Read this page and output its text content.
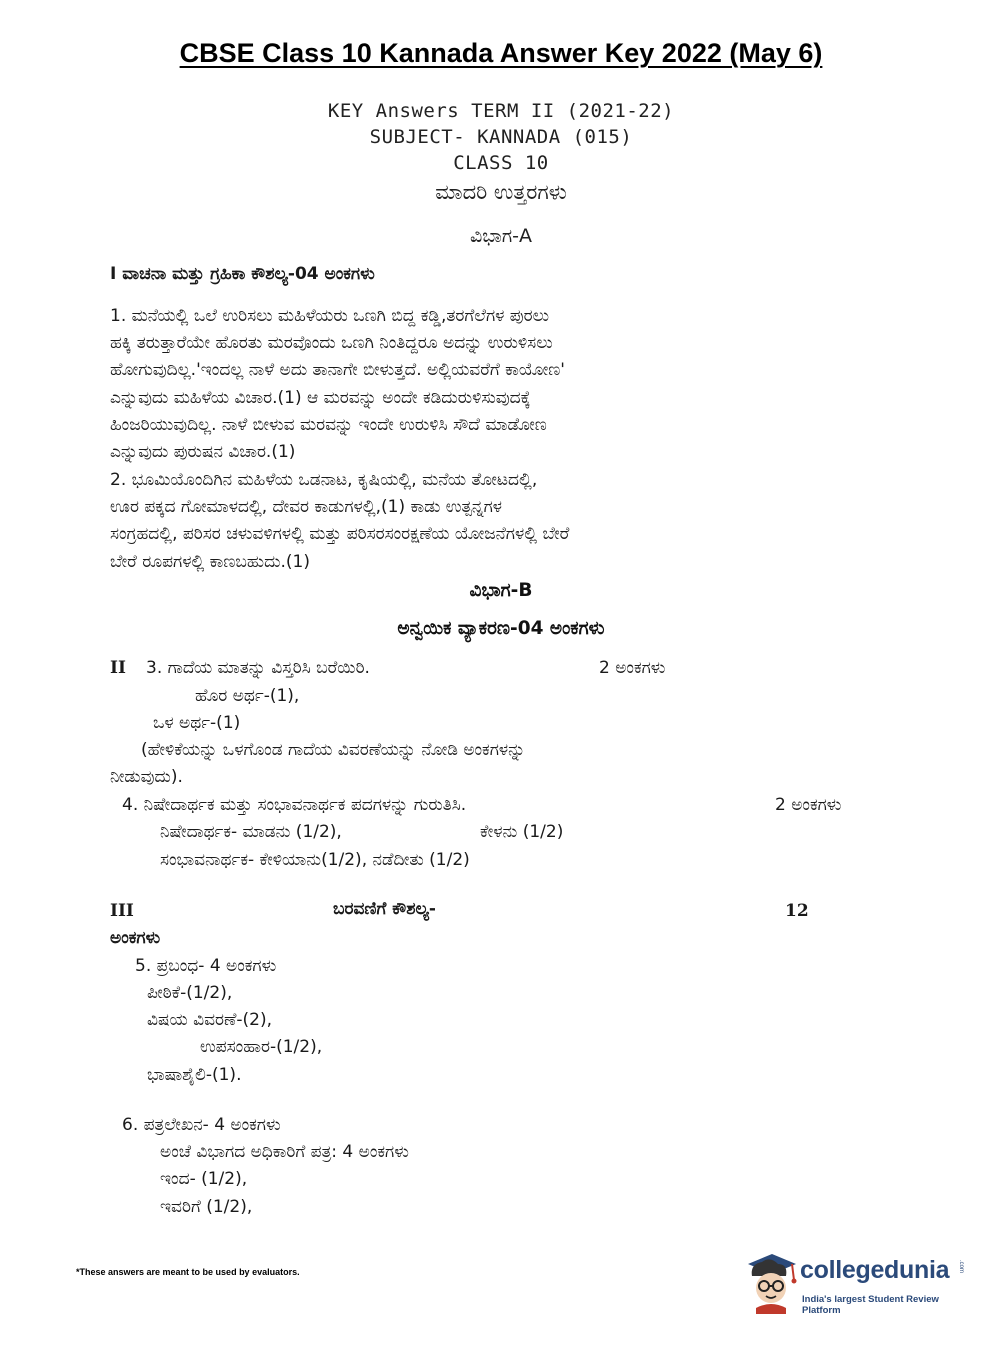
CBSE Class 10 Kannada Answer Key 2022 (May 6)
KEY Answers TERM II (2021-22)
SUBJECT- KANNADA (015)
CLASS 10
ಮಾದರಿ ಉತ್ತರಗಳು
ವಿಭಾಗ-A
I ವಾಚನಾ ಮತ್ತು ಗ್ರಹಿಕಾ ಕೌಶಲ್ಯ-04 ಅಂಕಗಳು
1. ಮನೆಯಲ್ಲಿ ಒಲೆ ಉರಿಸಲು ಮಹಿಳೆಯರು ಒಣಗಿ ಬಿದ್ದ ಕಡ್ಡಿ,ತರಗೆಲೆಗಳ ಪುರಲು
ಹಕ್ಕಿ ತರುತ್ತಾರೆಯೇ ಹೊರತು ಮರವೊಂದು ಒಣಗಿ ನಿಂತಿದ್ದರೂ ಅದನ್ನು ಉರುಳಿಸಲು
ಹೋಗುವುದಿಲ್ಲ.'ಇಂದಲ್ಲ ನಾಳೆ ಅದು ತಾನಾಗೇ ಬೀಳುತ್ತದೆ. ಅಲ್ಲಿಯವರೆಗೆ ಕಾಯೋಣ'
ಎನ್ನುವುದು ಮಹಿಳೆಯ ವಿಚಾರ.(1) ಆ ಮರವನ್ನು ಅಂದೇ ಕಡಿದುರುಳಿಸುವುದಕ್ಕೆ
ಹಿಂಜರಿಯುವುದಿಲ್ಲ. ನಾಳೆ ಬೀಳುವ ಮರವನ್ನು ಇಂದೇ ಉರುಳಿಸಿ ಸೌದೆ ಮಾಡೋಣ
ಎನ್ನುವುದು ಪುರುಷನ ವಿಚಾರ.(1)
2. ಭೂಮಿಯೊಂದಿಗಿನ ಮಹಿಳೆಯ ಒಡನಾಟ, ಕೃಷಿಯಲ್ಲಿ, ಮನೆಯ ತೋಟದಲ್ಲಿ,
ಊರ ಪಕ್ಕದ ಗೋಮಾಳದಲ್ಲಿ, ದೇವರ ಕಾಡುಗಳಲ್ಲಿ,(1) ಕಾಡು ಉತ್ಪನ್ನಗಳ
ಸಂಗ್ರಹದಲ್ಲಿ, ಪರಿಸರ ಚಳುವಳಿಗಳಲ್ಲಿ ಮತ್ತು ಪರಿಸರಸಂರಕ್ಷಣೆಯ ಯೋಜನೆಗಳಲ್ಲಿ ಬೇರೆ
ಬೇರೆ ರೂಪಗಳಲ್ಲಿ ಕಾಣಬಹುದು.(1)
ವಿಭಾಗ-B
ಅನ್ವಯಿಕ ವ್ಯಾಕರಣ-04 ಅಂಕಗಳು
II 3. ಗಾದೆಯ ಮಾತನ್ನು ವಿಸ್ತರಿಸಿ ಬರೆಯಿರಿ.	2 ಅಂಕಗಳು
ಹೊರ ಅರ್ಥ-(1),
ಒಳ ಅರ್ಥ-(1)
(ಹೇಳಿಕೆಯನ್ನು ಒಳಗೊಂಡ ಗಾದೆಯ ವಿವರಣೆಯನ್ನು ನೋಡಿ ಅಂಕಗಳನ್ನು
ನೀಡುವುದು).
4. ನಿಷೇದಾರ್ಥಕ ಮತ್ತು ಸಂಭಾವನಾರ್ಥಕ ಪದಗಳನ್ನು ಗುರುತಿಸಿ.	2 ಅಂಕಗಳು
ನಿಷೇದಾರ್ಥಕ- ಮಾಡನು (1/2),	ಕೇಳನು (1/2)
ಸಂಭಾವನಾರ್ಥಕ- ಕೇಳಿಯಾನು(1/2), ನಡೆದೀತು (1/2)
III	ಬರವಣಿಗೆ ಕೌಶಲ್ಯ-	12
ಅಂಕಗಳು
5. ಪ್ರಬಂಧ- 4 ಅಂಕಗಳು
ಪೀಠಿಕೆ-(1/2),
ವಿಷಯ ವಿವರಣೆ-(2),
ಉಪಸಂಹಾರ-(1/2),
ಭಾಷಾಶೈಲಿ-(1).
6. ಪತ್ರಲೇಖನ- 4 ಅಂಕಗಳು
ಅಂಚೆ ವಿಭಾಗದ ಅಧಿಕಾರಿಗೆ ಪತ್ರ: 4 ಅಂಕಗಳು
ಇಂದ- (1/2),
ಇವರಿಗೆ (1/2),
*These answers are meant to be used by evaluators.	collegedunia .com
India's largest Student Review Platform
